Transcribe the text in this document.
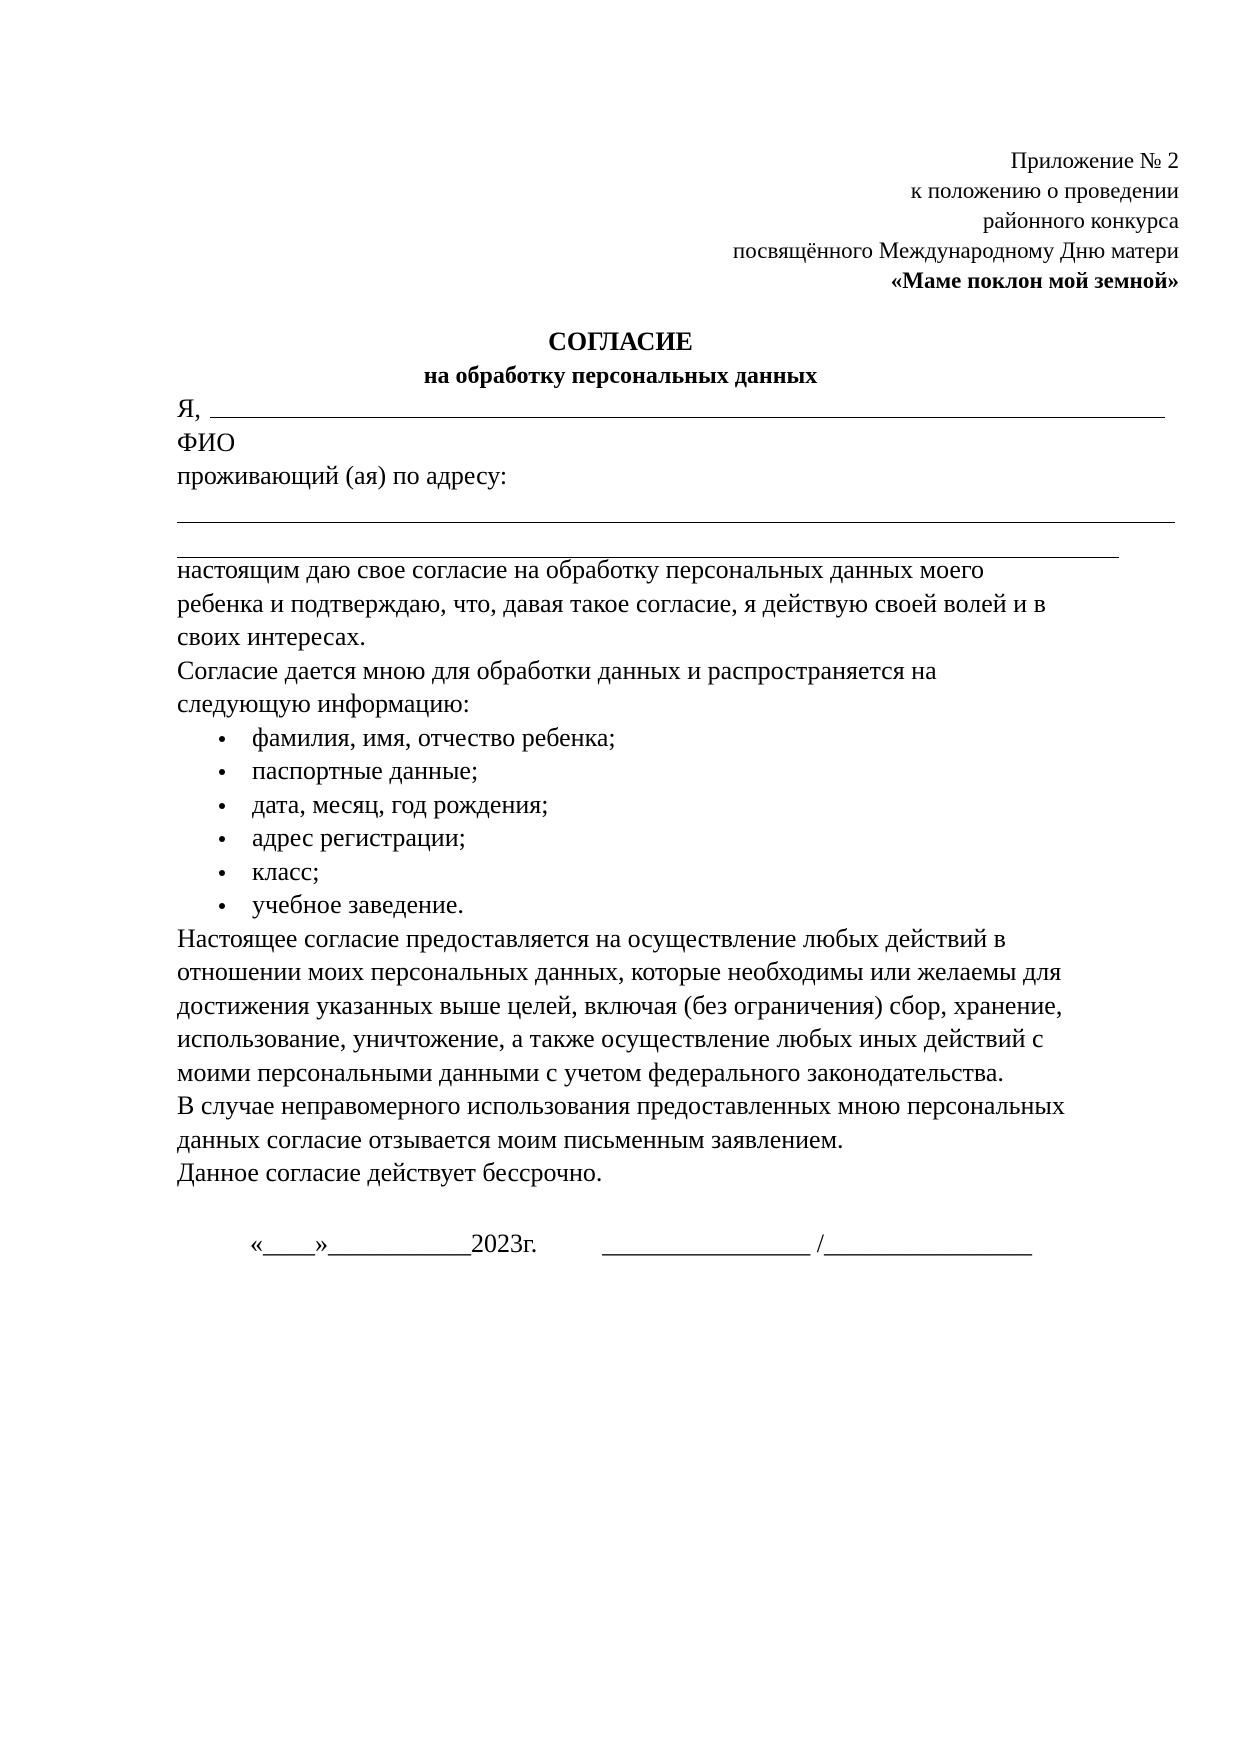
Приложение № 2
к положению о проведении
районного конкурса
посвящённого Международному Дню матери
«Маме поклон мой земной»
СОГЛАСИЕ
на обработку персональных данных
Я,
ФИО
проживающий (ая) по адресу:
настоящим даю свое согласие на обработку персональных данных моего
ребенка и подтверждаю, что, давая такое согласие, я действую своей волей и в
своих интересах.
Согласие дается мною для обработки данных и распространяется на
следующую информацию:
фамилия, имя, отчество ребенка;
паспортные данные;
дата, месяц, год рождения;
адрес регистрации;
класс;
учебное заведение.
Настоящее согласие предоставляется на осуществление любых действий в
отношении моих персональных данных, которые необходимы или желаемы для
достижения указанных выше целей, включая (без ограничения) сбор, хранение,
использование, уничтожение, а также осуществление любых иных действий с
моими персональными данными с учетом федерального законодательства.
В случае неправомерного использования предоставленных мною персональных
данных согласие отзывается моим письменным заявлением.
Данное согласие действует бессрочно.
«____»___________2023г.	________________ /________________
